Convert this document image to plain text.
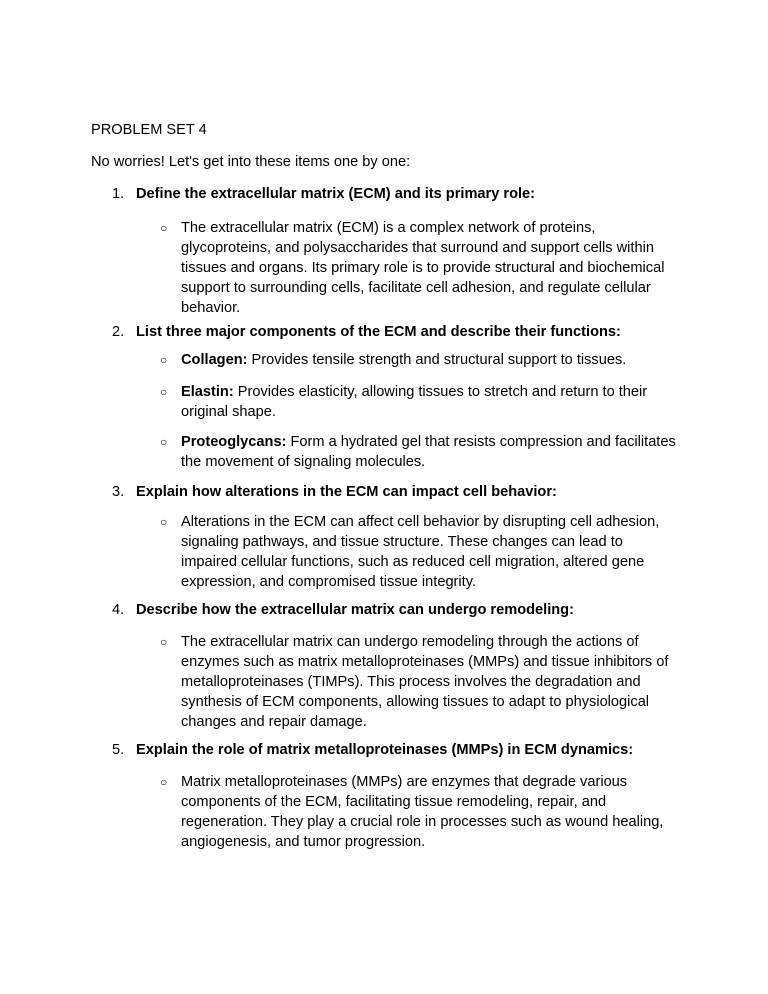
PROBLEM SET 4
No worries! Let's get into these items one by one:
1. Define the extracellular matrix (ECM) and its primary role:
○ The extracellular matrix (ECM) is a complex network of proteins, glycoproteins, and polysaccharides that surround and support cells within tissues and organs. Its primary role is to provide structural and biochemical support to surrounding cells, facilitate cell adhesion, and regulate cellular behavior.
2. List three major components of the ECM and describe their functions:
○ Collagen: Provides tensile strength and structural support to tissues.
○ Elastin: Provides elasticity, allowing tissues to stretch and return to their original shape.
○ Proteoglycans: Form a hydrated gel that resists compression and facilitates the movement of signaling molecules.
3. Explain how alterations in the ECM can impact cell behavior:
○ Alterations in the ECM can affect cell behavior by disrupting cell adhesion, signaling pathways, and tissue structure. These changes can lead to impaired cellular functions, such as reduced cell migration, altered gene expression, and compromised tissue integrity.
4. Describe how the extracellular matrix can undergo remodeling:
○ The extracellular matrix can undergo remodeling through the actions of enzymes such as matrix metalloproteinases (MMPs) and tissue inhibitors of metalloproteinases (TIMPs). This process involves the degradation and synthesis of ECM components, allowing tissues to adapt to physiological changes and repair damage.
5. Explain the role of matrix metalloproteinases (MMPs) in ECM dynamics:
○ Matrix metalloproteinases (MMPs) are enzymes that degrade various components of the ECM, facilitating tissue remodeling, repair, and regeneration. They play a crucial role in processes such as wound healing, angiogenesis, and tumor progression.
